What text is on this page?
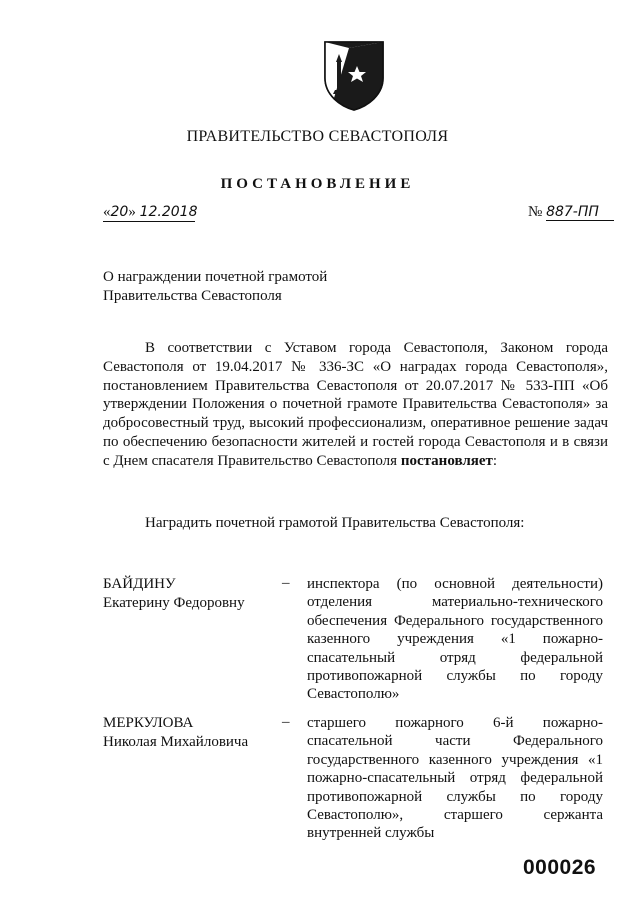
ПРАВИТЕЛЬСТВО СЕВАСТОПОЛЯ
ПОСТАНОВЛЕНИЕ
«20» 12.2018	№ 887-ПП
О награждении почетной грамотой
Правительства Севастополя

В соответствии с Уставом города Севастополя, Законом города Севастополя от 19.04.2017 № 336-ЗС «О наградах города Севастополя», постановлением Правительства Севастополя от 20.07.2017 № 533-ПП «Об утверждении Положения о почетной грамоте Правительства Севастополя» за добросовестный труд, высокий профессионализм, оперативное решение задач по обеспечению безопасности жителей и гостей города Севастополя и в связи с Днем спасателя Правительство Севастополя постановляет:

Наградить почетной грамотой Правительства Севастополя:
БАЙДИНУ
Екатерину Федоровну
– инспектора (по основной деятельности) отделения материально-технического обеспечения Федерального государственного казенного учреждения «1 пожарно-спасательный отряд федеральной противопожарной службы по городу Севастополю»
МЕРКУЛОВА
Николая Михайловича
– старшего пожарного 6-й пожарно-спасательной части Федерального государственного казенного учреждения «1 пожарно-спасательный отряд федеральной противопожарной службы по городу Севастополю», старшего сержанта внутренней службы
000026
